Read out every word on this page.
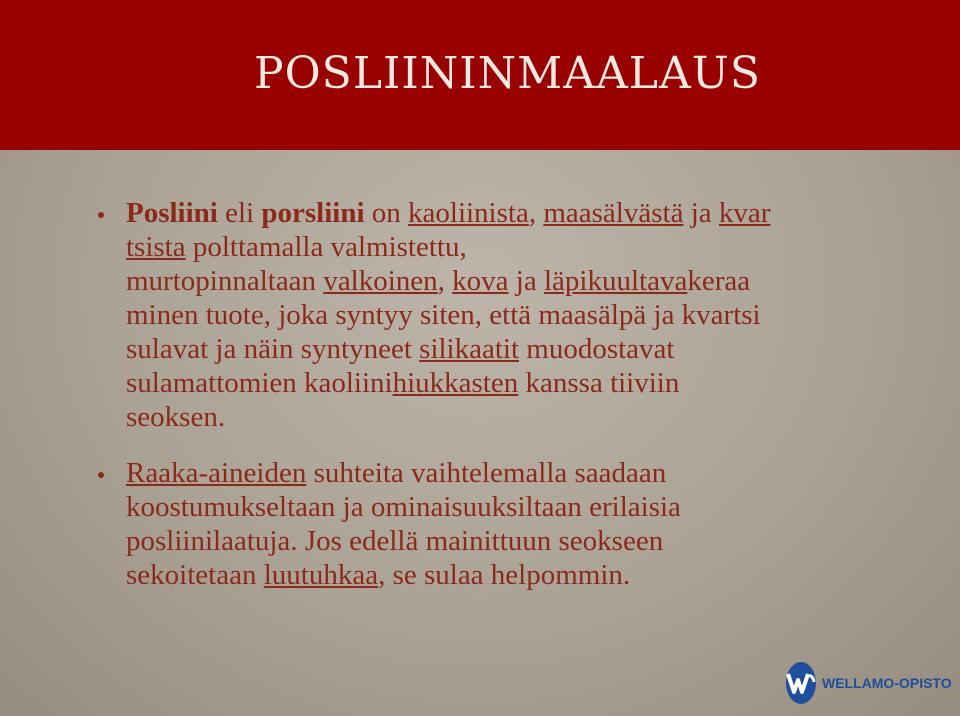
POSLIININMAALAUS

Posliini eli porsliini on kaoliinista, maasälvästä ja kvar
tsista polttamalla valmistettu,
murtopinnaltaan valkoinen, kova ja läpikuultavakeraa
minen tuote, joka syntyy siten, että maasälpä ja kvartsi
sulavat ja näin syntyneet silikaatit muodostavat
sulamattomien kaoliinihiukkasten kanssa tiiviin
seoksen.

Raaka-aineiden suhteita vaihtelemalla saadaan
koostumukseltaan ja ominaisuuksiltaan erilaisia
posliinilaatuja. Jos edellä mainittuun seokseen
sekoitetaan luutuhkaa, se sulaa helpommin.

WELLAMO-OPISTO
